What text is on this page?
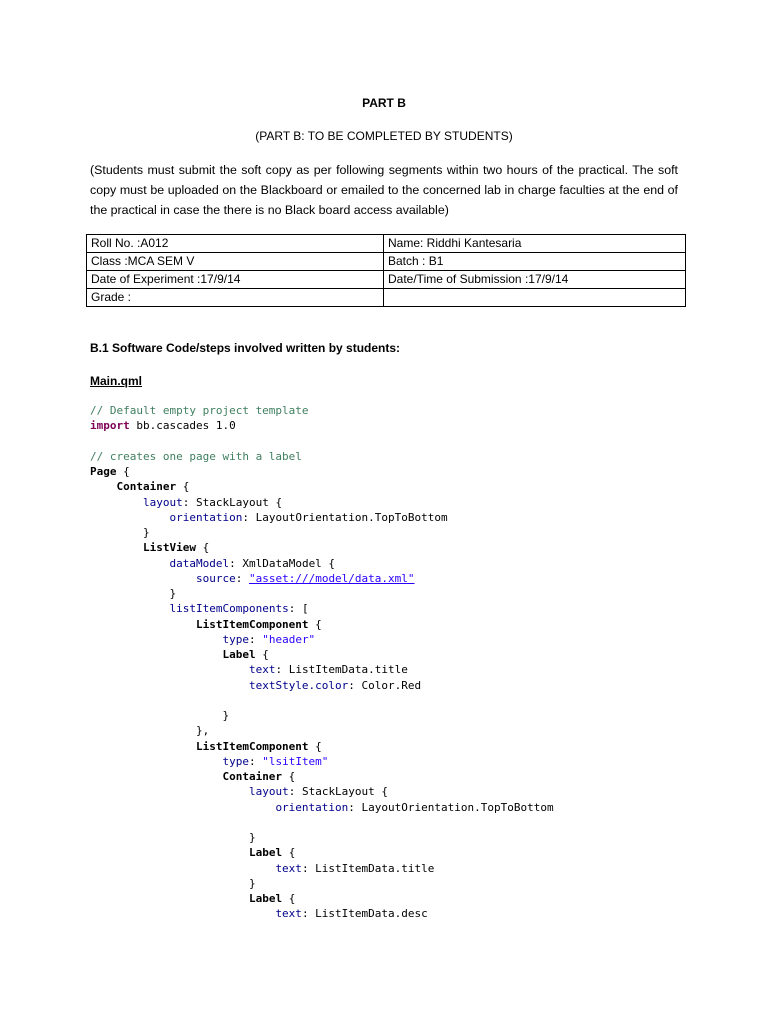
PART B
(PART B: TO BE COMPLETED BY STUDENTS)
(Students must submit the soft copy as per following segments within two hours of the practical. The soft copy must be uploaded on the Blackboard or emailed to the concerned lab in charge faculties at the end of the practical in case the there is no Black board access available)
Roll No. :A012	Name: Riddhi Kantesaria
Class :MCA SEM V	Batch : B1
Date of Experiment :17/9/14	Date/Time of Submission :17/9/14
Grade :	
B.1 Software Code/steps involved written by students:
Main.qml
// Default empty project template
import bb.cascades 1.0
// creates one page with a label
Page {
Container {
layout: StackLayout {
orientation: LayoutOrientation.TopToBottom
}
ListView {
dataModel: XmlDataModel {
source: "asset:///model/data.xml"
}
listItemComponents: [
ListItemComponent {
type: "header"
Label {
text: ListItemData.title
textStyle.color: Color.Red
}
},
ListItemComponent {
type: "lsitItem"
Container {
layout: StackLayout {
orientation: LayoutOrientation.TopToBottom
}
Label {
text: ListItemData.title
}
Label {
text: ListItemData.desc
